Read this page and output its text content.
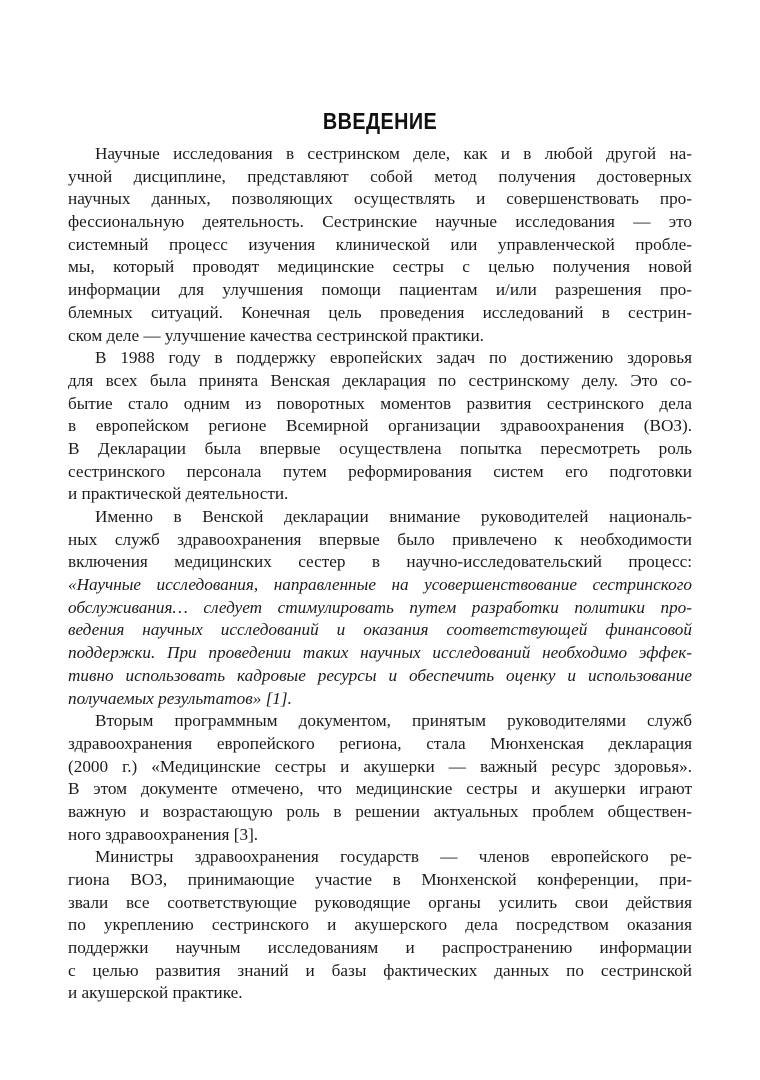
ВВЕДЕНИЕ
Научные исследования в сестринском деле, как и в любой другой на-
учной дисциплине, представляют собой метод получения достоверных
научных данных, позволяющих осуществлять и совершенствовать про-
фессиональную деятельность. Сестринские научные исследования — это
системный процесс изучения клинической или управленческой пробле-
мы, который проводят медицинские сестры с целью получения новой
информации для улучшения помощи пациентам и/или разрешения про-
блемных ситуаций. Конечная цель проведения исследований в сестрин-
ском деле — улучшение качества сестринской практики.
В 1988 году в поддержку европейских задач по достижению здоровья
для всех была принята Венская декларация по сестринскому делу. Это со-
бытие стало одним из поворотных моментов развития сестринского дела
в европейском регионе Всемирной организации здравоохранения (ВОЗ).
В Декларации была впервые осуществлена попытка пересмотреть роль
сестринского персонала путем реформирования систем его подготовки
и практической деятельности.
Именно в Венской декларации внимание руководителей националь-
ных служб здравоохранения впервые было привлечено к необходимости
включения медицинских сестер в научно-исследовательский процесс:
«Научные исследования, направленные на усовершенствование сестринского
обслуживания… следует стимулировать путем разработки политики про-
ведения научных исследований и оказания соответствующей финансовой
поддержки. При проведении таких научных исследований необходимо эффек-
тивно использовать кадровые ресурсы и обеспечить оценку и использование
получаемых результатов» [1].
Вторым программным документом, принятым руководителями служб
здравоохранения европейского региона, стала Мюнхенская декларация
(2000 г.) «Медицинские сестры и акушерки — важный ресурс здоровья».
В этом документе отмечено, что медицинские сестры и акушерки играют
важную и возрастающую роль в решении актуальных проблем обществен-
ного здравоохранения [3].
Министры здравоохранения государств — членов европейского ре-
гиона ВОЗ, принимающие участие в Мюнхенской конференции, при-
звали все соответствующие руководящие органы усилить свои действия
по укреплению сестринского и акушерского дела посредством оказания
поддержки научным исследованиям и распространению информации
с целью развития знаний и базы фактических данных по сестринской
и акушерской практике.
